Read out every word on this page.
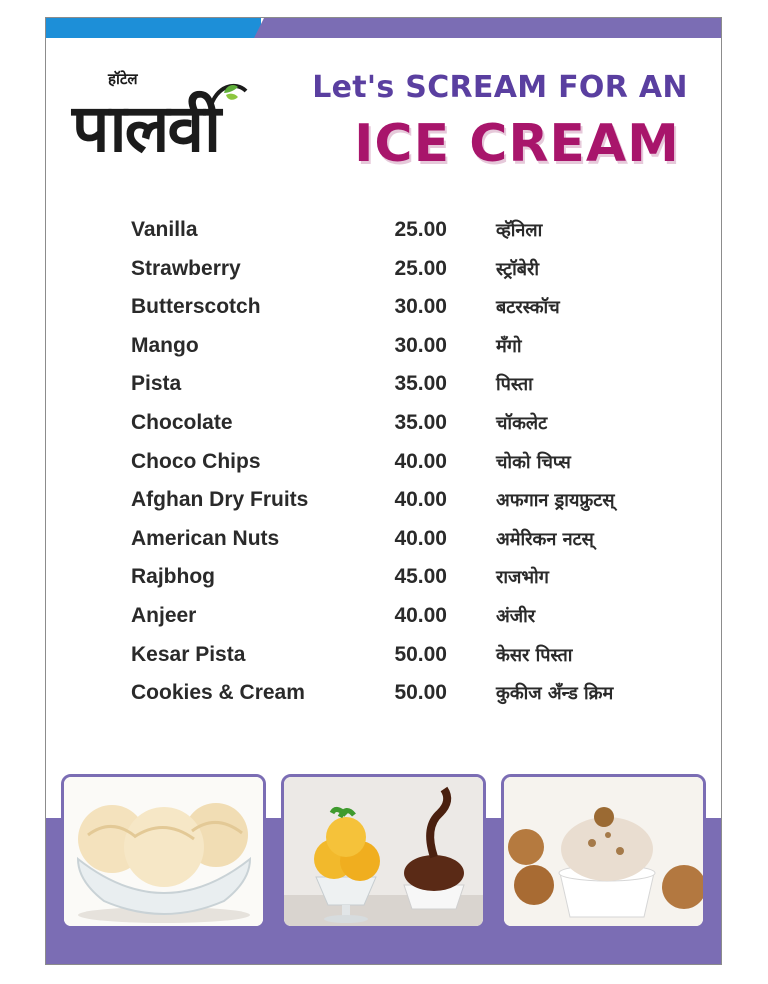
हॉटेल
पालवी
Let's SCREAM FOR AN
ICE CREAM
Vanilla	25.00	व्हॅनिला
Strawberry	25.00	स्ट्रॉबेरी
Butterscotch	30.00	बटरस्कॉच
Mango	30.00	मँगो
Pista	35.00	पिस्ता
Chocolate	35.00	चॉकलेट
Choco Chips	40.00	चोको चिप्स
Afghan Dry Fruits	40.00	अफगान ड्रायफ्रुटस्
American Nuts	40.00	अमेरिकन नटस्
Rajbhog	45.00	राजभोग
Anjeer	40.00	अंजीर
Kesar Pista	50.00	केसर पिस्ता
Cookies & Cream	50.00	कुकीज अँन्ड क्रिम
